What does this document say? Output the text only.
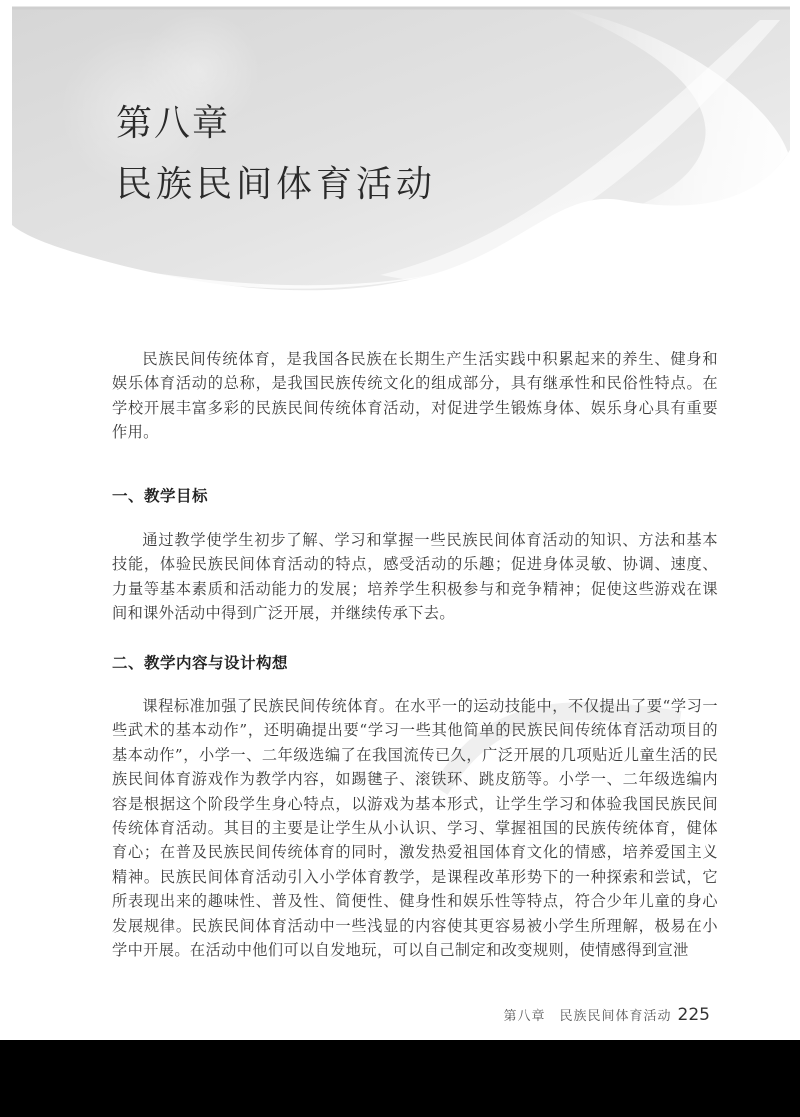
第八章
民族民间体育活动

民族民间传统体育，是我国各民族在长期生产生活实践中积累起来的养生、健身和娱乐体育活动的总称，是我国民族传统文化的组成部分，具有继承性和民俗性特点。在学校开展丰富多彩的民族民间传统体育活动，对促进学生锻炼身体、娱乐身心具有重要作用。

一、教学目标

通过教学使学生初步了解、学习和掌握一些民族民间体育活动的知识、方法和基本技能，体验民族民间体育活动的特点，感受活动的乐趣；促进身体灵敏、协调、速度、力量等基本素质和活动能力的发展；培养学生积极参与和竞争精神；促使这些游戏在课间和课外活动中得到广泛开展，并继续传承下去。

二、教学内容与设计构想

课程标准加强了民族民间传统体育。在水平一的运动技能中，不仅提出了要“学习一些武术的基本动作”，还明确提出要“学习一些其他简单的民族民间传统体育活动项目的基本动作”，小学一、二年级选编了在我国流传已久，广泛开展的几项贴近儿童生活的民族民间体育游戏作为教学内容，如踢毽子、滚铁环、跳皮筋等。小学一、二年级选编内容是根据这个阶段学生身心特点，以游戏为基本形式，让学生学习和体验我国民族民间传统体育活动。其目的主要是让学生从小认识、学习、掌握祖国的民族传统体育，健体育心；在普及民族民间传统体育的同时，激发热爱祖国体育文化的情感，培养爱国主义精神。民族民间体育活动引入小学体育教学，是课程改革形势下的一种探索和尝试，它所表现出来的趣味性、普及性、简便性、健身性和娱乐性等特点，符合少年儿童的身心发展规律。民族民间体育活动中一些浅显的内容使其更容易被小学生所理解，极易在小学中开展。在活动中他们可以自发地玩，可以自己制定和改变规则，使情感得到宣泄

第八章　民族民间体育活动 225
